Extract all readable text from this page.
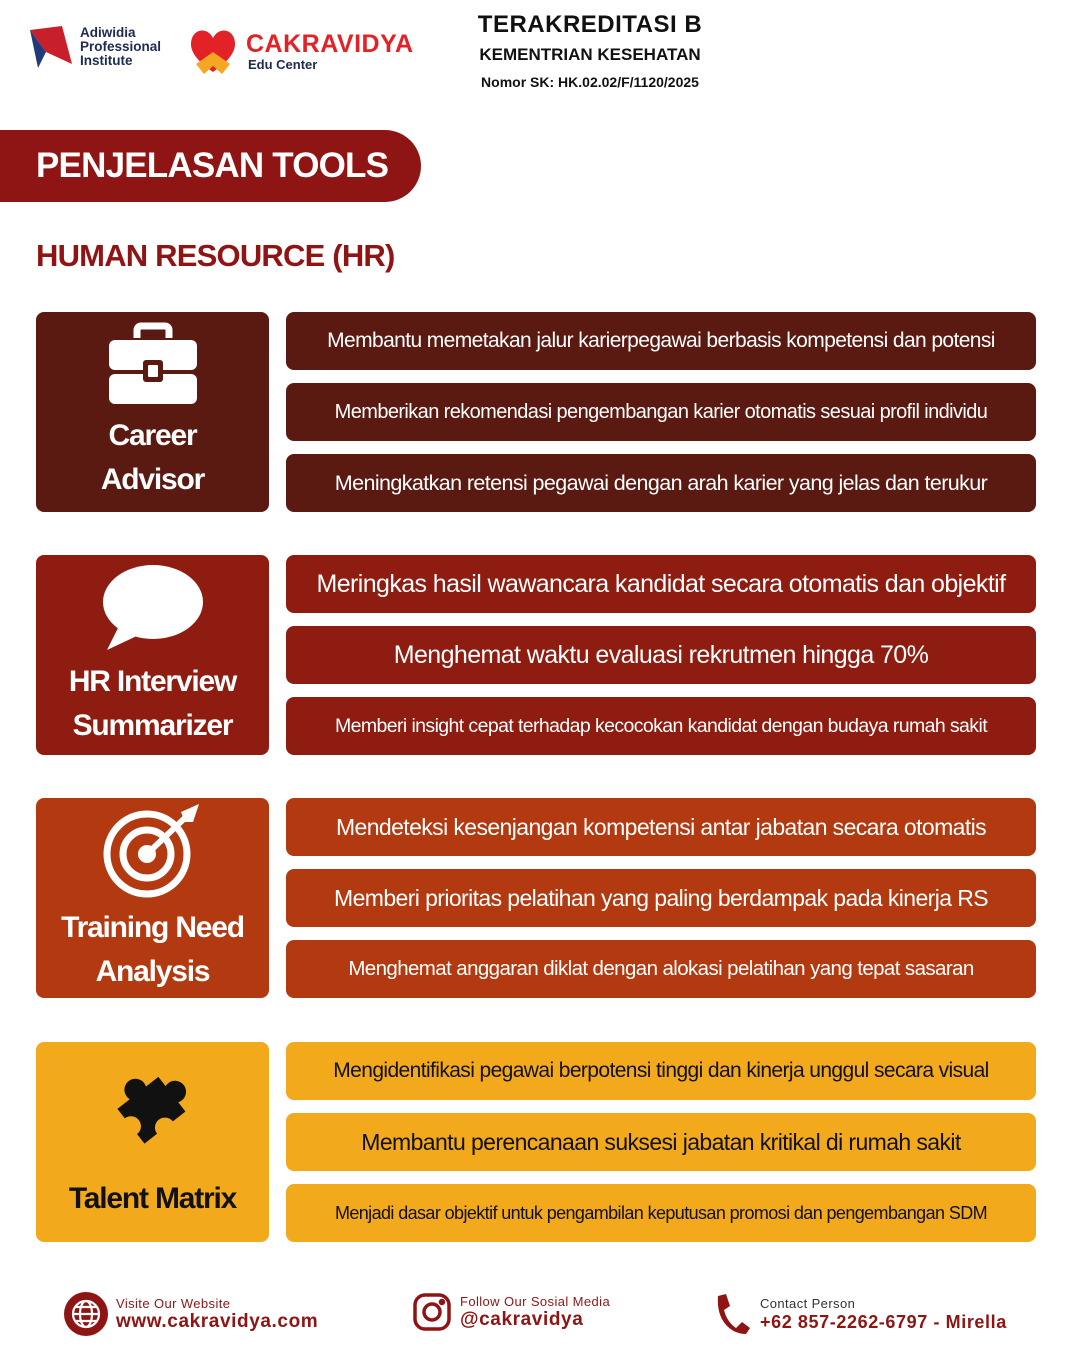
Adiwidia
Professional
Institute
CAKRAVIDYA
Edu Center
TERAKREDITASI B
KEMENTRIAN KESEHATAN
Nomor SK: HK.02.02/F/1120/2025
PENJELASAN TOOLS
HUMAN RESOURCE (HR)
Career
Advisor
Membantu memetakan jalur karierpegawai berbasis kompetensi dan potensi
Memberikan rekomendasi pengembangan karier otomatis sesuai profil individu
Meningkatkan retensi pegawai dengan arah karier yang jelas dan terukur
HR Interview
Summarizer
Meringkas hasil wawancara kandidat secara otomatis dan objektif
Menghemat waktu evaluasi rekrutmen hingga 70%
Memberi insight cepat terhadap kecocokan kandidat dengan budaya rumah sakit
Training Need
Analysis
Mendeteksi kesenjangan kompetensi antar jabatan secara otomatis
Memberi prioritas pelatihan yang paling berdampak pada kinerja RS
Menghemat anggaran diklat dengan alokasi pelatihan yang tepat sasaran
Talent Matrix
Mengidentifikasi pegawai berpotensi tinggi dan kinerja unggul secara visual
Membantu perencanaan suksesi jabatan kritikal di rumah sakit
Menjadi dasar objektif untuk pengambilan keputusan promosi dan pengembangan SDM
Visite Our Website
www.cakravidya.com
Follow Our Sosial Media
@cakravidya
Contact Person
+62 857-2262-6797 - Mirella
